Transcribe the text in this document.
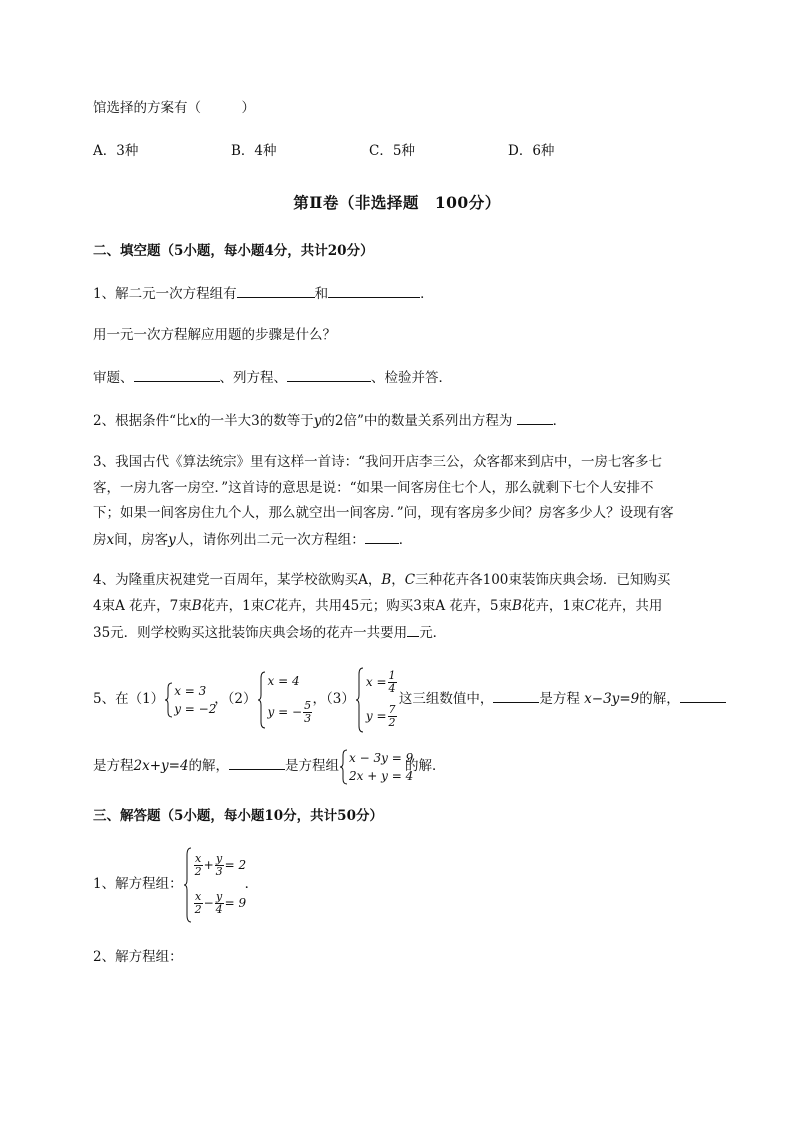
馆选择的方案有（　　　）
A．3种	B．4种	C．5种	D．6种
第Ⅱ卷（非选择题　100分）
二、填空题（5小题，每小题4分，共计20分）
1、解二元一次方程组有	和	．
用一元一次方程解应用题的步骤是什么？
审题、	、列方程、	、检验并答．
2、根据条件“比x的一半大3的数等于y的2倍”中的数量关系列出方程为	．
3、我国古代《算法统宗》里有这样一首诗：“我问开店李三公，众客都来到店中，一房七客多七
客，一房九客一房空．”这首诗的意思是说：“如果一间客房住七个人，那么就剩下七个人安排不
下；如果一间客房住九个人，那么就空出一间客房．”问，现有客房多少间？房客多少人？设现有客
房x间，房客y人，请你列出二元一次方程组：	．
4、为隆重庆祝建党一百周年，某学校欲购买A，B，C三种花卉各100束装饰庆典会场．已知购买
4束A 花卉，7束B花卉，1束C花卉，共用45元；购买3束A 花卉，5束B花卉，1束C花卉，共用
35元．则学校购买这批装饰庆典会场的花卉一共要用 元．
5、在（1）
x = 3
y = −2
，（2）
x = 4
y = − $\frac{5}{3}$
，（3）
$x = \frac{1}{4}$
$y = \frac{7}{2}$
这三组数值中，	是方程 x−3y=9的解，
是方程2x+y=4的解，	是方程组
x − 3y = 9
2x + y = 4
的解．
三、解答题（5小题，每小题10分，共计50分）
1、解方程组：
$\frac{x}{2} + \frac{y}{3} = 2$
$\frac{x}{2} - \frac{y}{4} = 9$
．
2、解方程组：
